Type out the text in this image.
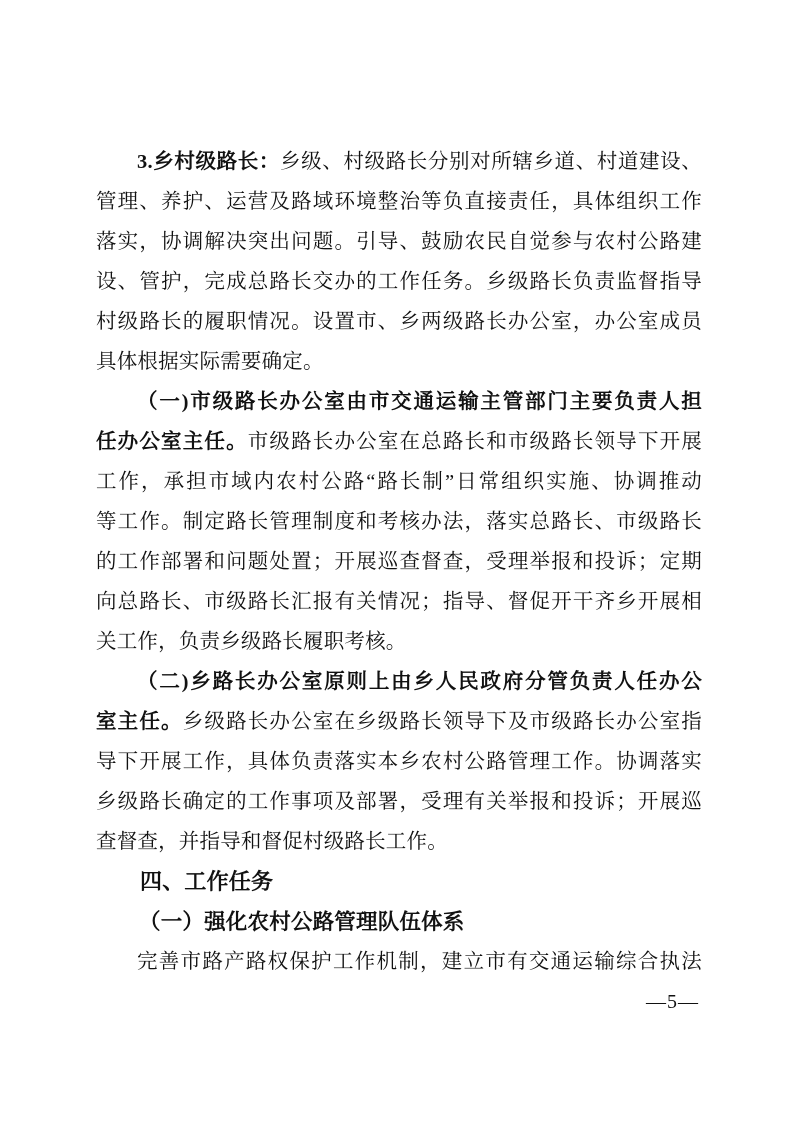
3.乡村级路长：乡级、村级路长分别对所辖乡道、村道建设、
管理、养护、运营及路域环境整治等负直接责任，具体组织工作
落实，协调解决突出问题。引导、鼓励农民自觉参与农村公路建
设、管护，完成总路长交办的工作任务。乡级路长负责监督指导
村级路长的履职情况。设置市、乡两级路长办公室，办公室成员
具体根据实际需要确定。
（一)市级路长办公室由市交通运输主管部门主要负责人担
任办公室主任。市级路长办公室在总路长和市级路长领导下开展
工作，承担市域内农村公路“路长制”日常组织实施、协调推动
等工作。制定路长管理制度和考核办法，落实总路长、市级路长
的工作部署和问题处置；开展巡查督查，受理举报和投诉；定期
向总路长、市级路长汇报有关情况；指导、督促开干齐乡开展相
关工作，负责乡级路长履职考核。
（二)乡路长办公室原则上由乡人民政府分管负责人任办公
室主任。乡级路长办公室在乡级路长领导下及市级路长办公室指
导下开展工作，具体负责落实本乡农村公路管理工作。协调落实
乡级路长确定的工作事项及部署，受理有关举报和投诉；开展巡
查督查，并指导和督促村级路长工作。
四、工作任务
（一）强化农村公路管理队伍体系
完善市路产路权保护工作机制，建立市有交通运输综合执法
—5—
